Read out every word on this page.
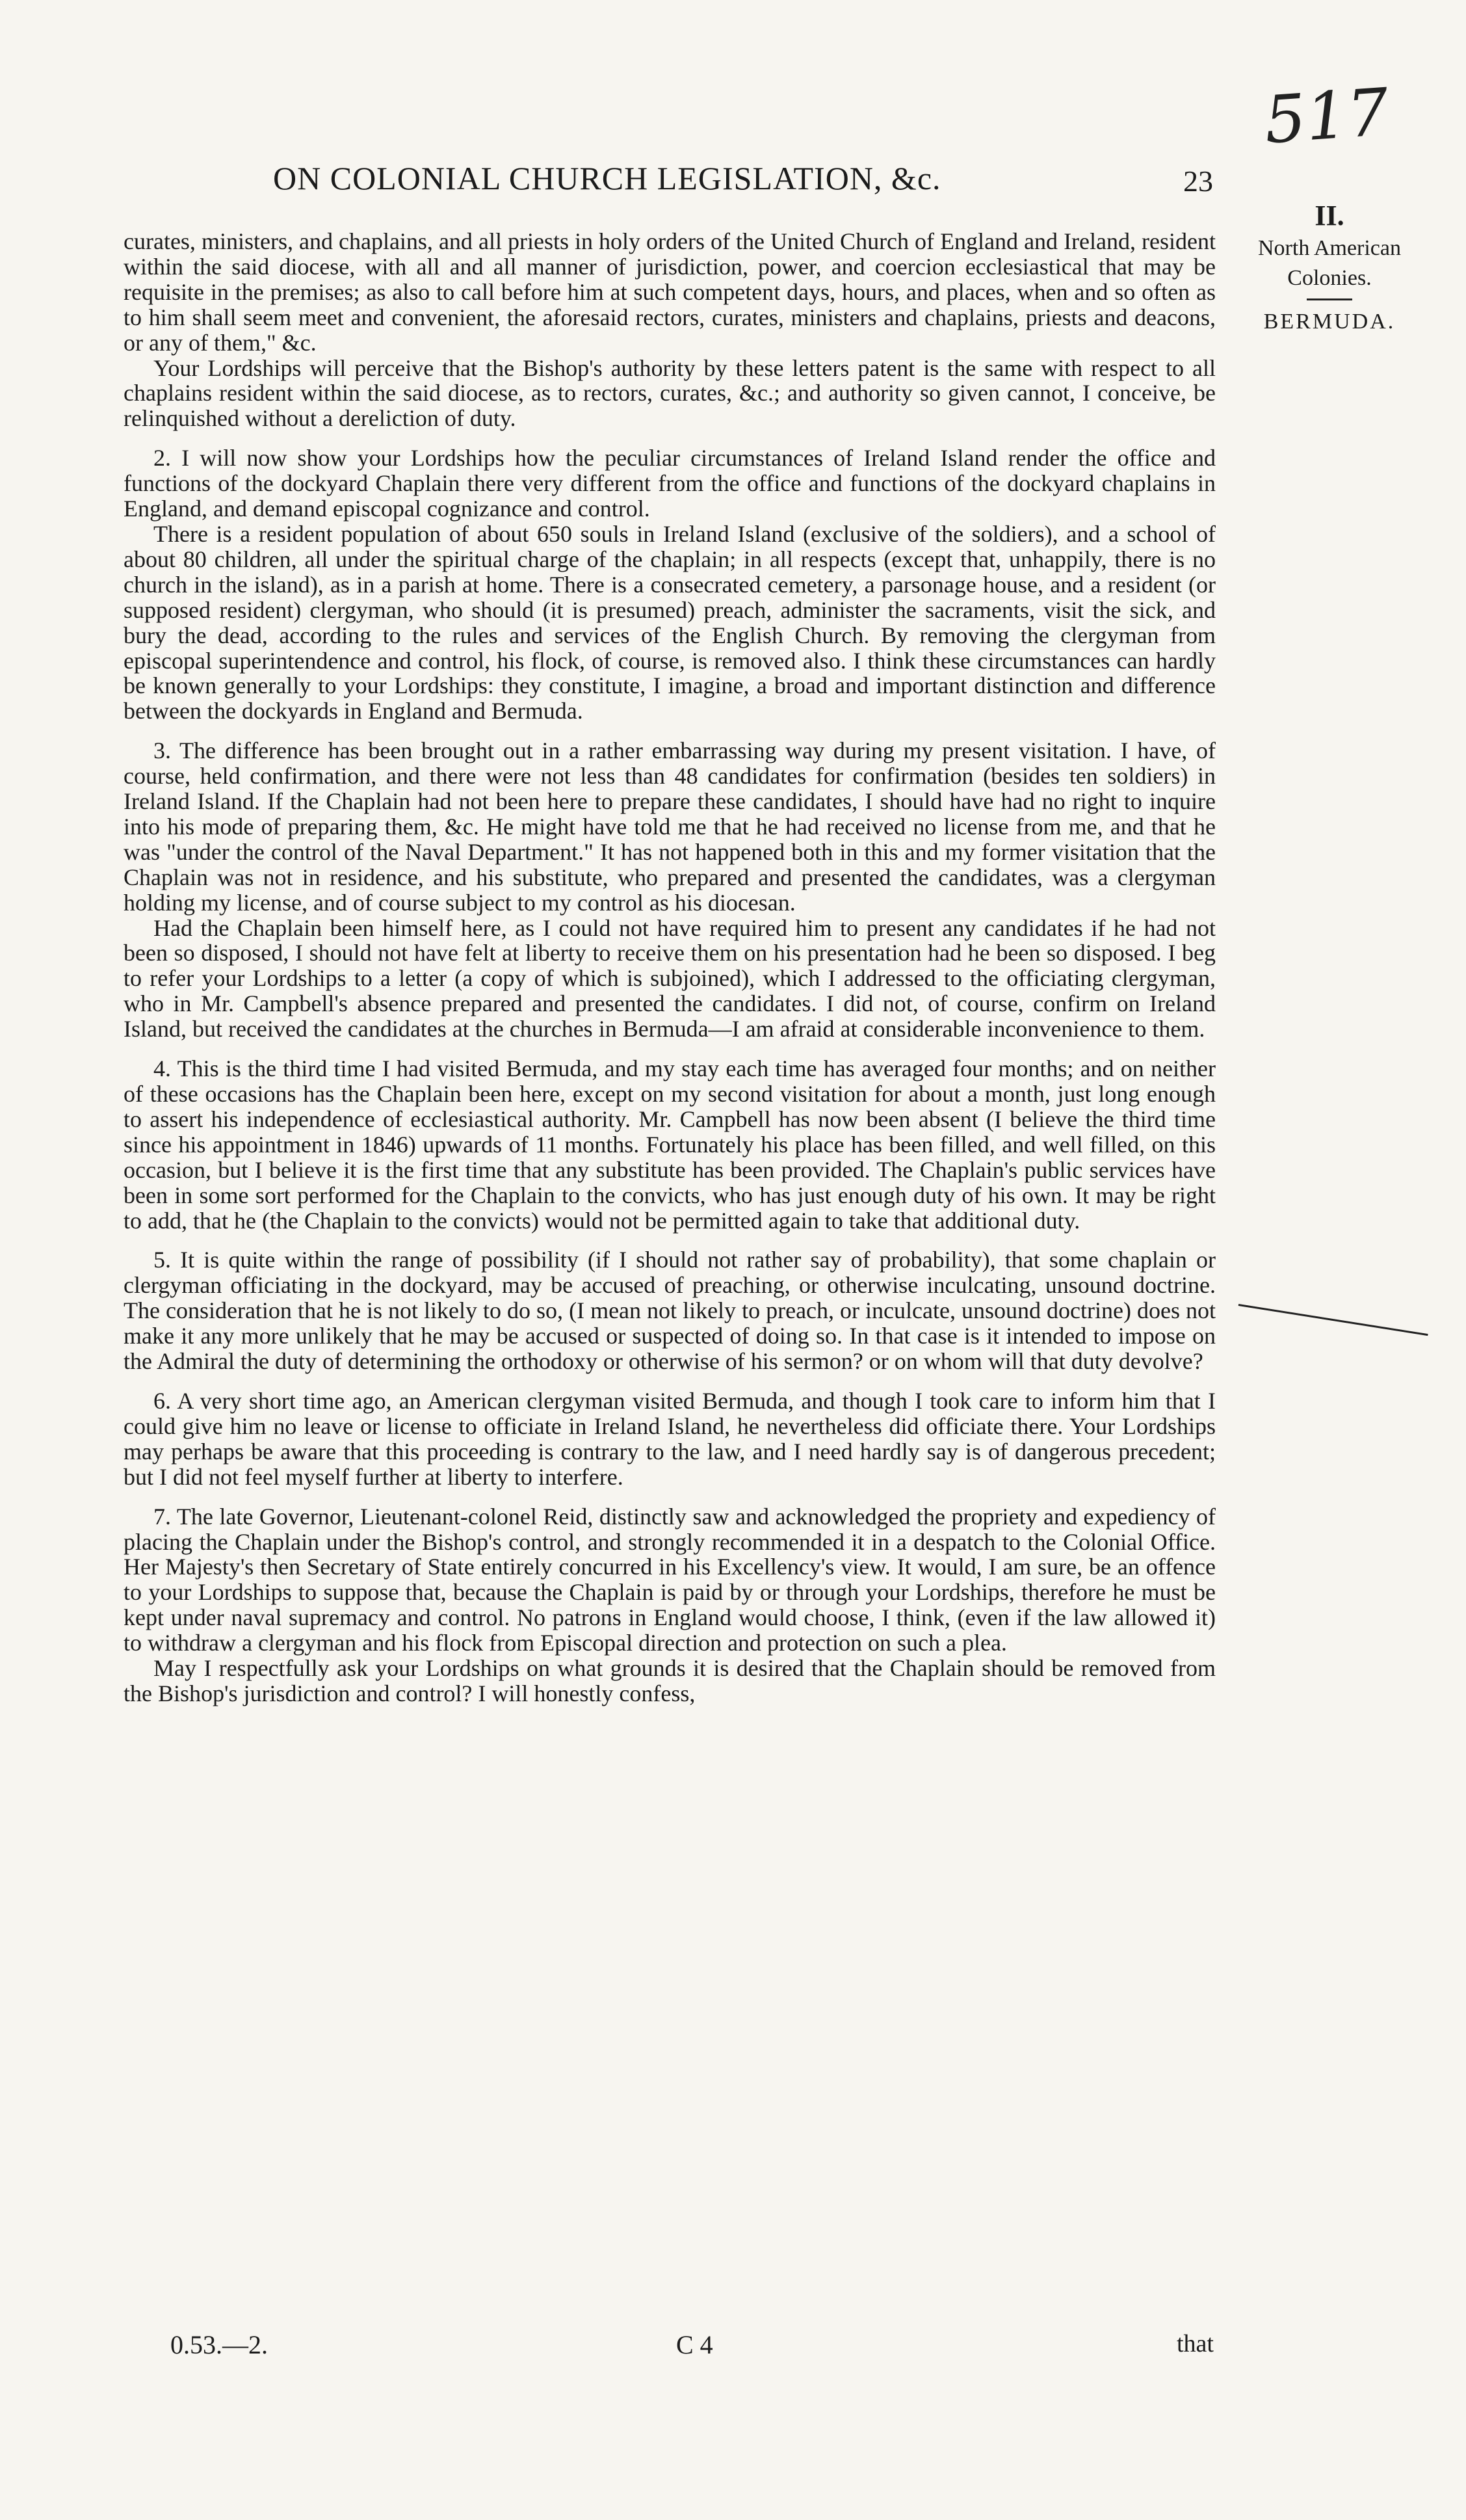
517
ON COLONIAL CHURCH LEGISLATION, &c.	23
II.
North American
Colonies.
BERMUDA.

curates, ministers, and chaplains, and all priests in holy orders of the United Church of England and Ireland, resident within the said diocese, with all and all manner of jurisdiction, power, and coercion ecclesiastical that may be requisite in the premises; as also to call before him at such competent days, hours, and places, when and so often as to him shall seem meet and convenient, the aforesaid rectors, curates, ministers and chaplains, priests and deacons, or any of them," &c.

Your Lordships will perceive that the Bishop's authority by these letters patent is the same with respect to all chaplains resident within the said diocese, as to rectors, curates, &c.; and authority so given cannot, I conceive, be relinquished without a dereliction of duty.

2. I will now show your Lordships how the peculiar circumstances of Ireland Island render the office and functions of the dockyard Chaplain there very different from the office and functions of the dockyard chaplains in England, and demand episcopal cognizance and control.

There is a resident population of about 650 souls in Ireland Island (exclusive of the soldiers), and a school of about 80 children, all under the spiritual charge of the chaplain; in all respects (except that, unhappily, there is no church in the island), as in a parish at home. There is a consecrated cemetery, a parsonage house, and a resident (or supposed resident) clergyman, who should (it is presumed) preach, administer the sacraments, visit the sick, and bury the dead, according to the rules and services of the English Church. By removing the clergyman from episcopal superintendence and control, his flock, of course, is removed also. I think these circumstances can hardly be known generally to your Lordships: they constitute, I imagine, a broad and important distinction and difference between the dockyards in England and Bermuda.

3. The difference has been brought out in a rather embarrassing way during my present visitation. I have, of course, held confirmation, and there were not less than 48 candidates for confirmation (besides ten soldiers) in Ireland Island. If the Chaplain had not been here to prepare these candidates, I should have had no right to inquire into his mode of preparing them, &c. He might have told me that he had received no license from me, and that he was "under the control of the Naval Department." It has not happened both in this and my former visitation that the Chaplain was not in residence, and his substitute, who prepared and presented the candidates, was a clergyman holding my license, and of course subject to my control as his diocesan.

Had the Chaplain been himself here, as I could not have required him to present any candidates if he had not been so disposed, I should not have felt at liberty to receive them on his presentation had he been so disposed. I beg to refer your Lordships to a letter (a copy of which is subjoined), which I addressed to the officiating clergyman, who in Mr. Campbell's absence prepared and presented the candidates. I did not, of course, confirm on Ireland Island, but received the candidates at the churches in Bermuda—I am afraid at considerable inconvenience to them.

4. This is the third time I had visited Bermuda, and my stay each time has averaged four months; and on neither of these occasions has the Chaplain been here, except on my second visitation for about a month, just long enough to assert his independence of ecclesiastical authority. Mr. Campbell has now been absent (I believe the third time since his appointment in 1846) upwards of 11 months. Fortunately his place has been filled, and well filled, on this occasion, but I believe it is the first time that any substitute has been provided. The Chaplain's public services have been in some sort performed for the Chaplain to the convicts, who has just enough duty of his own. It may be right to add, that he (the Chaplain to the convicts) would not be permitted again to take that additional duty.

5. It is quite within the range of possibility (if I should not rather say of probability), that some chaplain or clergyman officiating in the dockyard, may be accused of preaching, or otherwise inculcating, unsound doctrine. The consideration that he is not likely to do so, (I mean not likely to preach, or inculcate, unsound doctrine) does not make it any more unlikely that he may be accused or suspected of doing so. In that case is it intended to impose on the Admiral the duty of determining the orthodoxy or otherwise of his sermon? or on whom will that duty devolve?

6. A very short time ago, an American clergyman visited Bermuda, and though I took care to inform him that I could give him no leave or license to officiate in Ireland Island, he nevertheless did officiate there. Your Lordships may perhaps be aware that this proceeding is contrary to the law, and I need hardly say is of dangerous precedent; but I did not feel myself further at liberty to interfere.

7. The late Governor, Lieutenant-colonel Reid, distinctly saw and acknowledged the propriety and expediency of placing the Chaplain under the Bishop's control, and strongly recommended it in a despatch to the Colonial Office. Her Majesty's then Secretary of State entirely concurred in his Excellency's view. It would, I am sure, be an offence to your Lordships to suppose that, because the Chaplain is paid by or through your Lordships, therefore he must be kept under naval supremacy and control. No patrons in England would choose, I think, (even if the law allowed it) to withdraw a clergyman and his flock from Episcopal direction and protection on such a plea.

May I respectfully ask your Lordships on what grounds it is desired that the Chaplain should be removed from the Bishop's jurisdiction and control? I will honestly confess,

0.53.—2.	C 4	that
